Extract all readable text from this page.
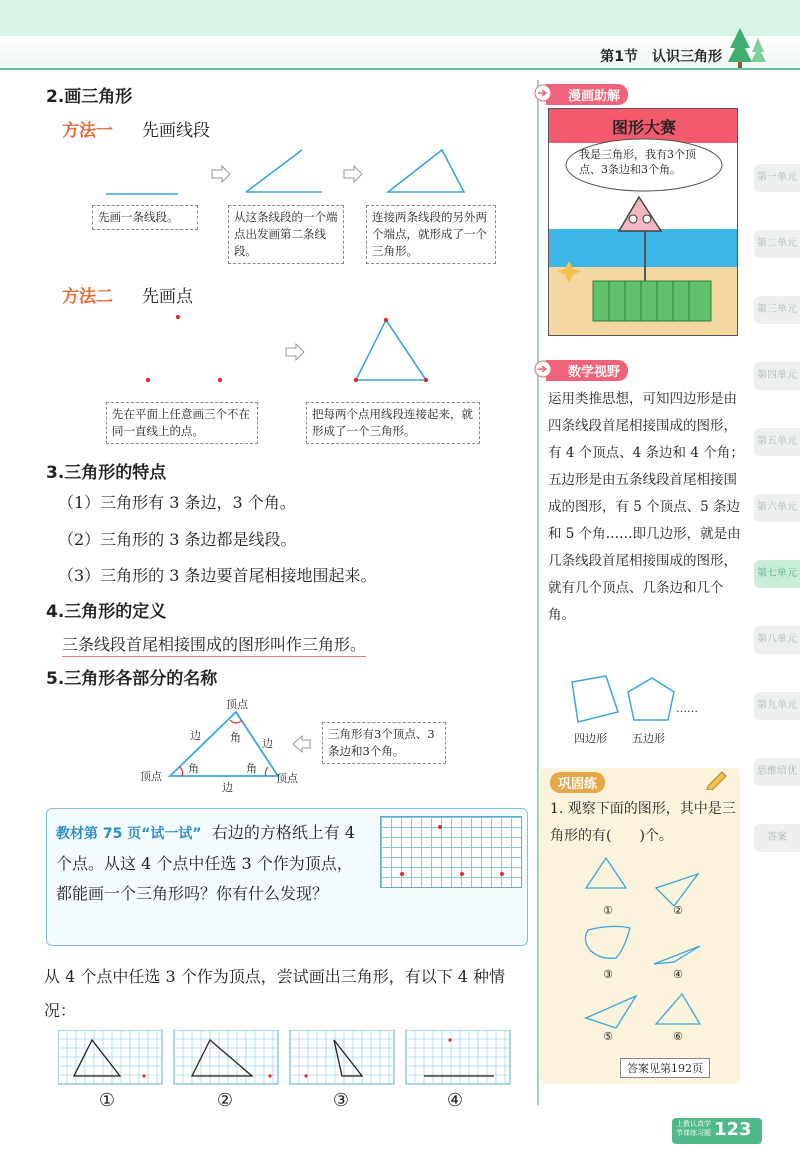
第1节　认识三角形
2.画三角形
方法一 先画线段
先画一条线段。	从这条线段的一个端点出发画第二条线段。
连接两条线段的另外两个端点，就形成了一个三角形。
方法二 先画点
先在平面上任意画三个不在同一直线上的点。
把每两个点用线段连接起来，就形成了一个三角形。
3.三角形的特点
（1）三角形有 3 条边，3 个角。
（2）三角形的 3 条边都是线段。
（3）三角形的 3 条边要首尾相接地围起来。
4.三角形的定义
三条线段首尾相接围成的图形叫作三角形。
5.三角形各部分的名称
顶点
顶点	顶点
边
边
边
角
角	角
三角形有3个顶点、3条边和3个角。
教材第 75 页“试一试” 右边的方格纸上有 4 个点。从这 4 个点中任选 3 个作为顶点，都能画一个三角形吗？你有什么发现？
从 4 个点中任选 3 个作为顶点，尝试画出三角形，有以下 4 种情况：
①	②	③	④
漫画助解
图形大赛
我是三角形，我有3个顶点、3条边和3个角。
数学视野
运用类推思想，可知四边形是由四条线段首尾相接围成的图形，有 4 个顶点、4 条边和 4 个角；五边形是由五条线段首尾相接围成的图形，有 5 个顶点、5 条边和 5 个角……即几边形，就是由几条线段首尾相接围成的图形，就有几个顶点、几条边和几个角。
……
四边形 五边形
巩固练
1. 观察下面的图形，其中是三角形的有(　　)个。
①	②
③	④
⑤	⑥
答案见第192页
第一单元
第二单元
第三单元
第四单元
第五单元
第六单元
第七单元
第八单元
第九单元
思维培优
答案
上教认真学
节课练习题 123
